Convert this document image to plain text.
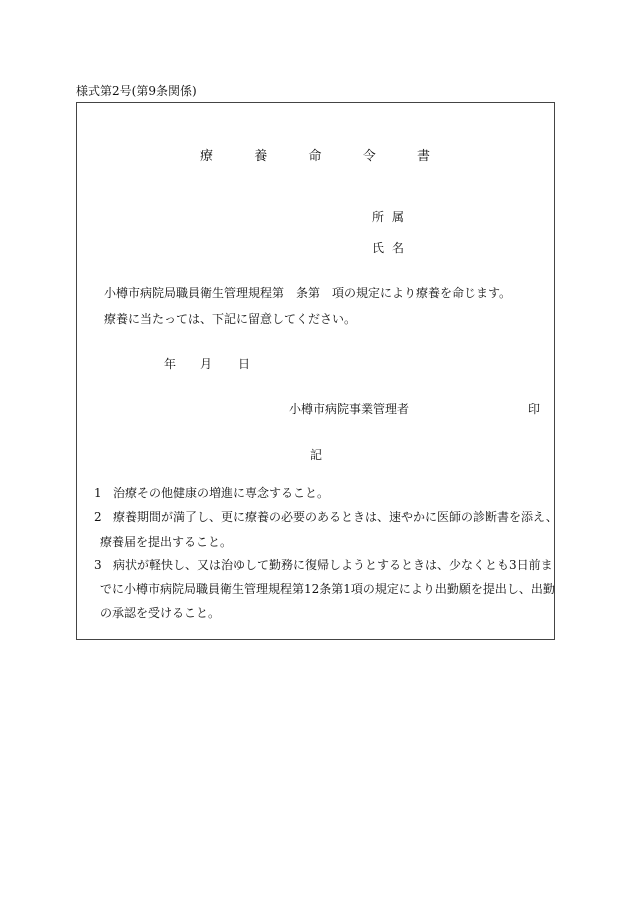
様式第2号(第9条関係)
療	養	命	令	書
所 属
氏 名
小樽市病院局職員衛生管理規程第　条第　項の規定により療養を命じます。
療養に当たっては、下記に留意してください。
年 月 日
小樽市病院事業管理者	印
記
1 治療その他健康の増進に専念すること。
2 療養期間が満了し、更に療養の必要のあるときは、速やかに医師の診断書を添え、
療養届を提出すること。
3 病状が軽快し、又は治ゆして勤務に復帰しようとするときは、少なくとも3日前ま
でに小樽市病院局職員衛生管理規程第12条第1項の規定により出勤願を提出し、出勤
の承認を受けること。
